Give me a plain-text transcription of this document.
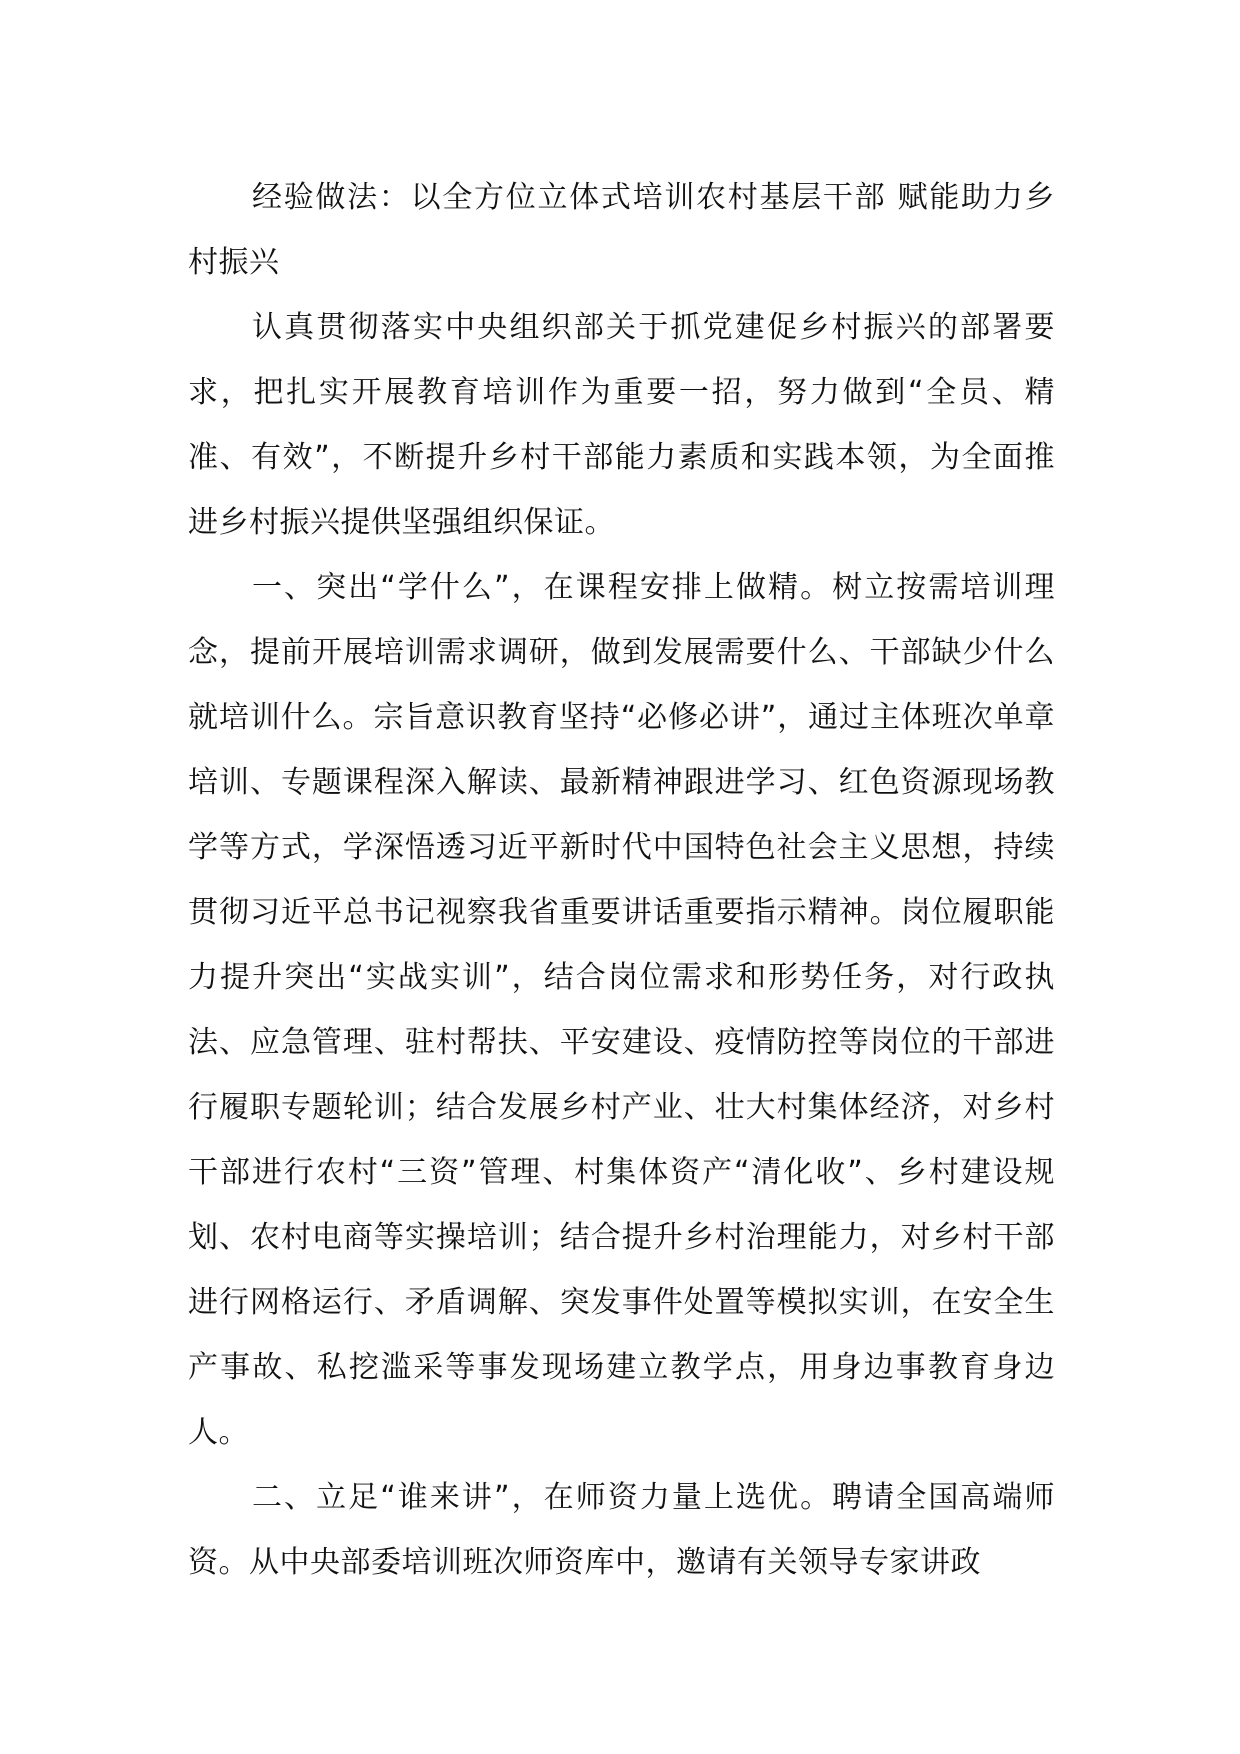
经验做法：以全方位立体式培训农村基层干部 赋能助力乡村振兴

认真贯彻落实中央组织部关于抓党建促乡村振兴的部署要求，把扎实开展教育培训作为重要一招，努力做到“全员、精准、有效”，不断提升乡村干部能力素质和实践本领，为全面推进乡村振兴提供坚强组织保证。

一、突出“学什么”，在课程安排上做精。树立按需培训理念，提前开展培训需求调研，做到发展需要什么、干部缺少什么就培训什么。宗旨意识教育坚持“必修必讲”，通过主体班次单章培训、专题课程深入解读、最新精神跟进学习、红色资源现场教学等方式，学深悟透习近平新时代中国特色社会主义思想，持续贯彻习近平总书记视察我省重要讲话重要指示精神。岗位履职能力提升突出“实战实训”，结合岗位需求和形势任务，对行政执法、应急管理、驻村帮扶、平安建设、疫情防控等岗位的干部进行履职专题轮训；结合发展乡村产业、壮大村集体经济，对乡村干部进行农村“三资”管理、村集体资产“清化收”、乡村建设规划、农村电商等实操培训；结合提升乡村治理能力，对乡村干部进行网格运行、矛盾调解、突发事件处置等模拟实训，在安全生产事故、私挖滥采等事发现场建立教学点，用身边事教育身边人。

二、立足“谁来讲”，在师资力量上选优。聘请全国高端师资。从中央部委培训班次师资库中，邀请有关领导专家讲政
